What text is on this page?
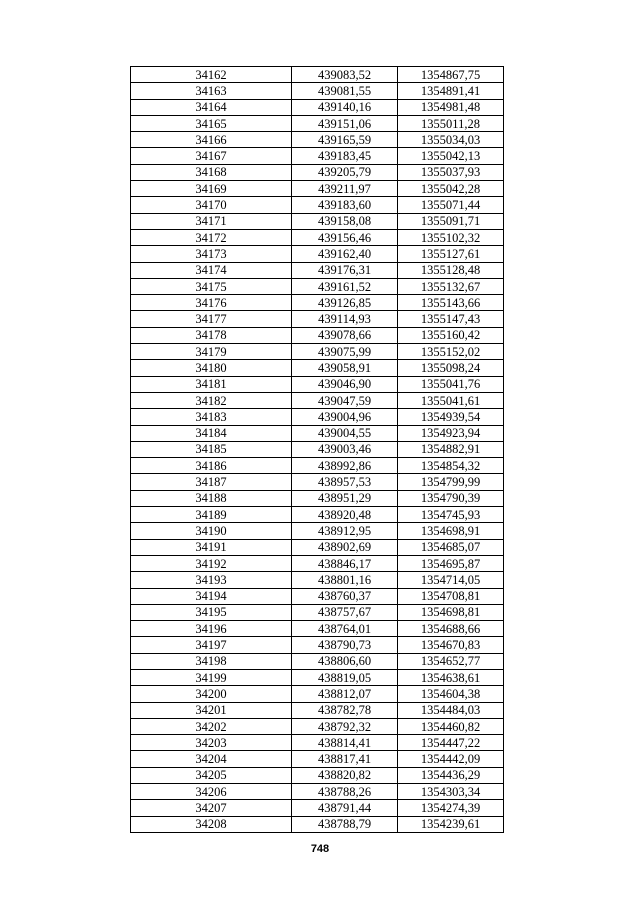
34162	439083,52	1354867,75
34163	439081,55	1354891,41
34164	439140,16	1354981,48
34165	439151,06	1355011,28
34166	439165,59	1355034,03
34167	439183,45	1355042,13
34168	439205,79	1355037,93
34169	439211,97	1355042,28
34170	439183,60	1355071,44
34171	439158,08	1355091,71
34172	439156,46	1355102,32
34173	439162,40	1355127,61
34174	439176,31	1355128,48
34175	439161,52	1355132,67
34176	439126,85	1355143,66
34177	439114,93	1355147,43
34178	439078,66	1355160,42
34179	439075,99	1355152,02
34180	439058,91	1355098,24
34181	439046,90	1355041,76
34182	439047,59	1355041,61
34183	439004,96	1354939,54
34184	439004,55	1354923,94
34185	439003,46	1354882,91
34186	438992,86	1354854,32
34187	438957,53	1354799,99
34188	438951,29	1354790,39
34189	438920,48	1354745,93
34190	438912,95	1354698,91
34191	438902,69	1354685,07
34192	438846,17	1354695,87
34193	438801,16	1354714,05
34194	438760,37	1354708,81
34195	438757,67	1354698,81
34196	438764,01	1354688,66
34197	438790,73	1354670,83
34198	438806,60	1354652,77
34199	438819,05	1354638,61
34200	438812,07	1354604,38
34201	438782,78	1354484,03
34202	438792,32	1354460,82
34203	438814,41	1354447,22
34204	438817,41	1354442,09
34205	438820,82	1354436,29
34206	438788,26	1354303,34
34207	438791,44	1354274,39
34208	438788,79	1354239,61
748
